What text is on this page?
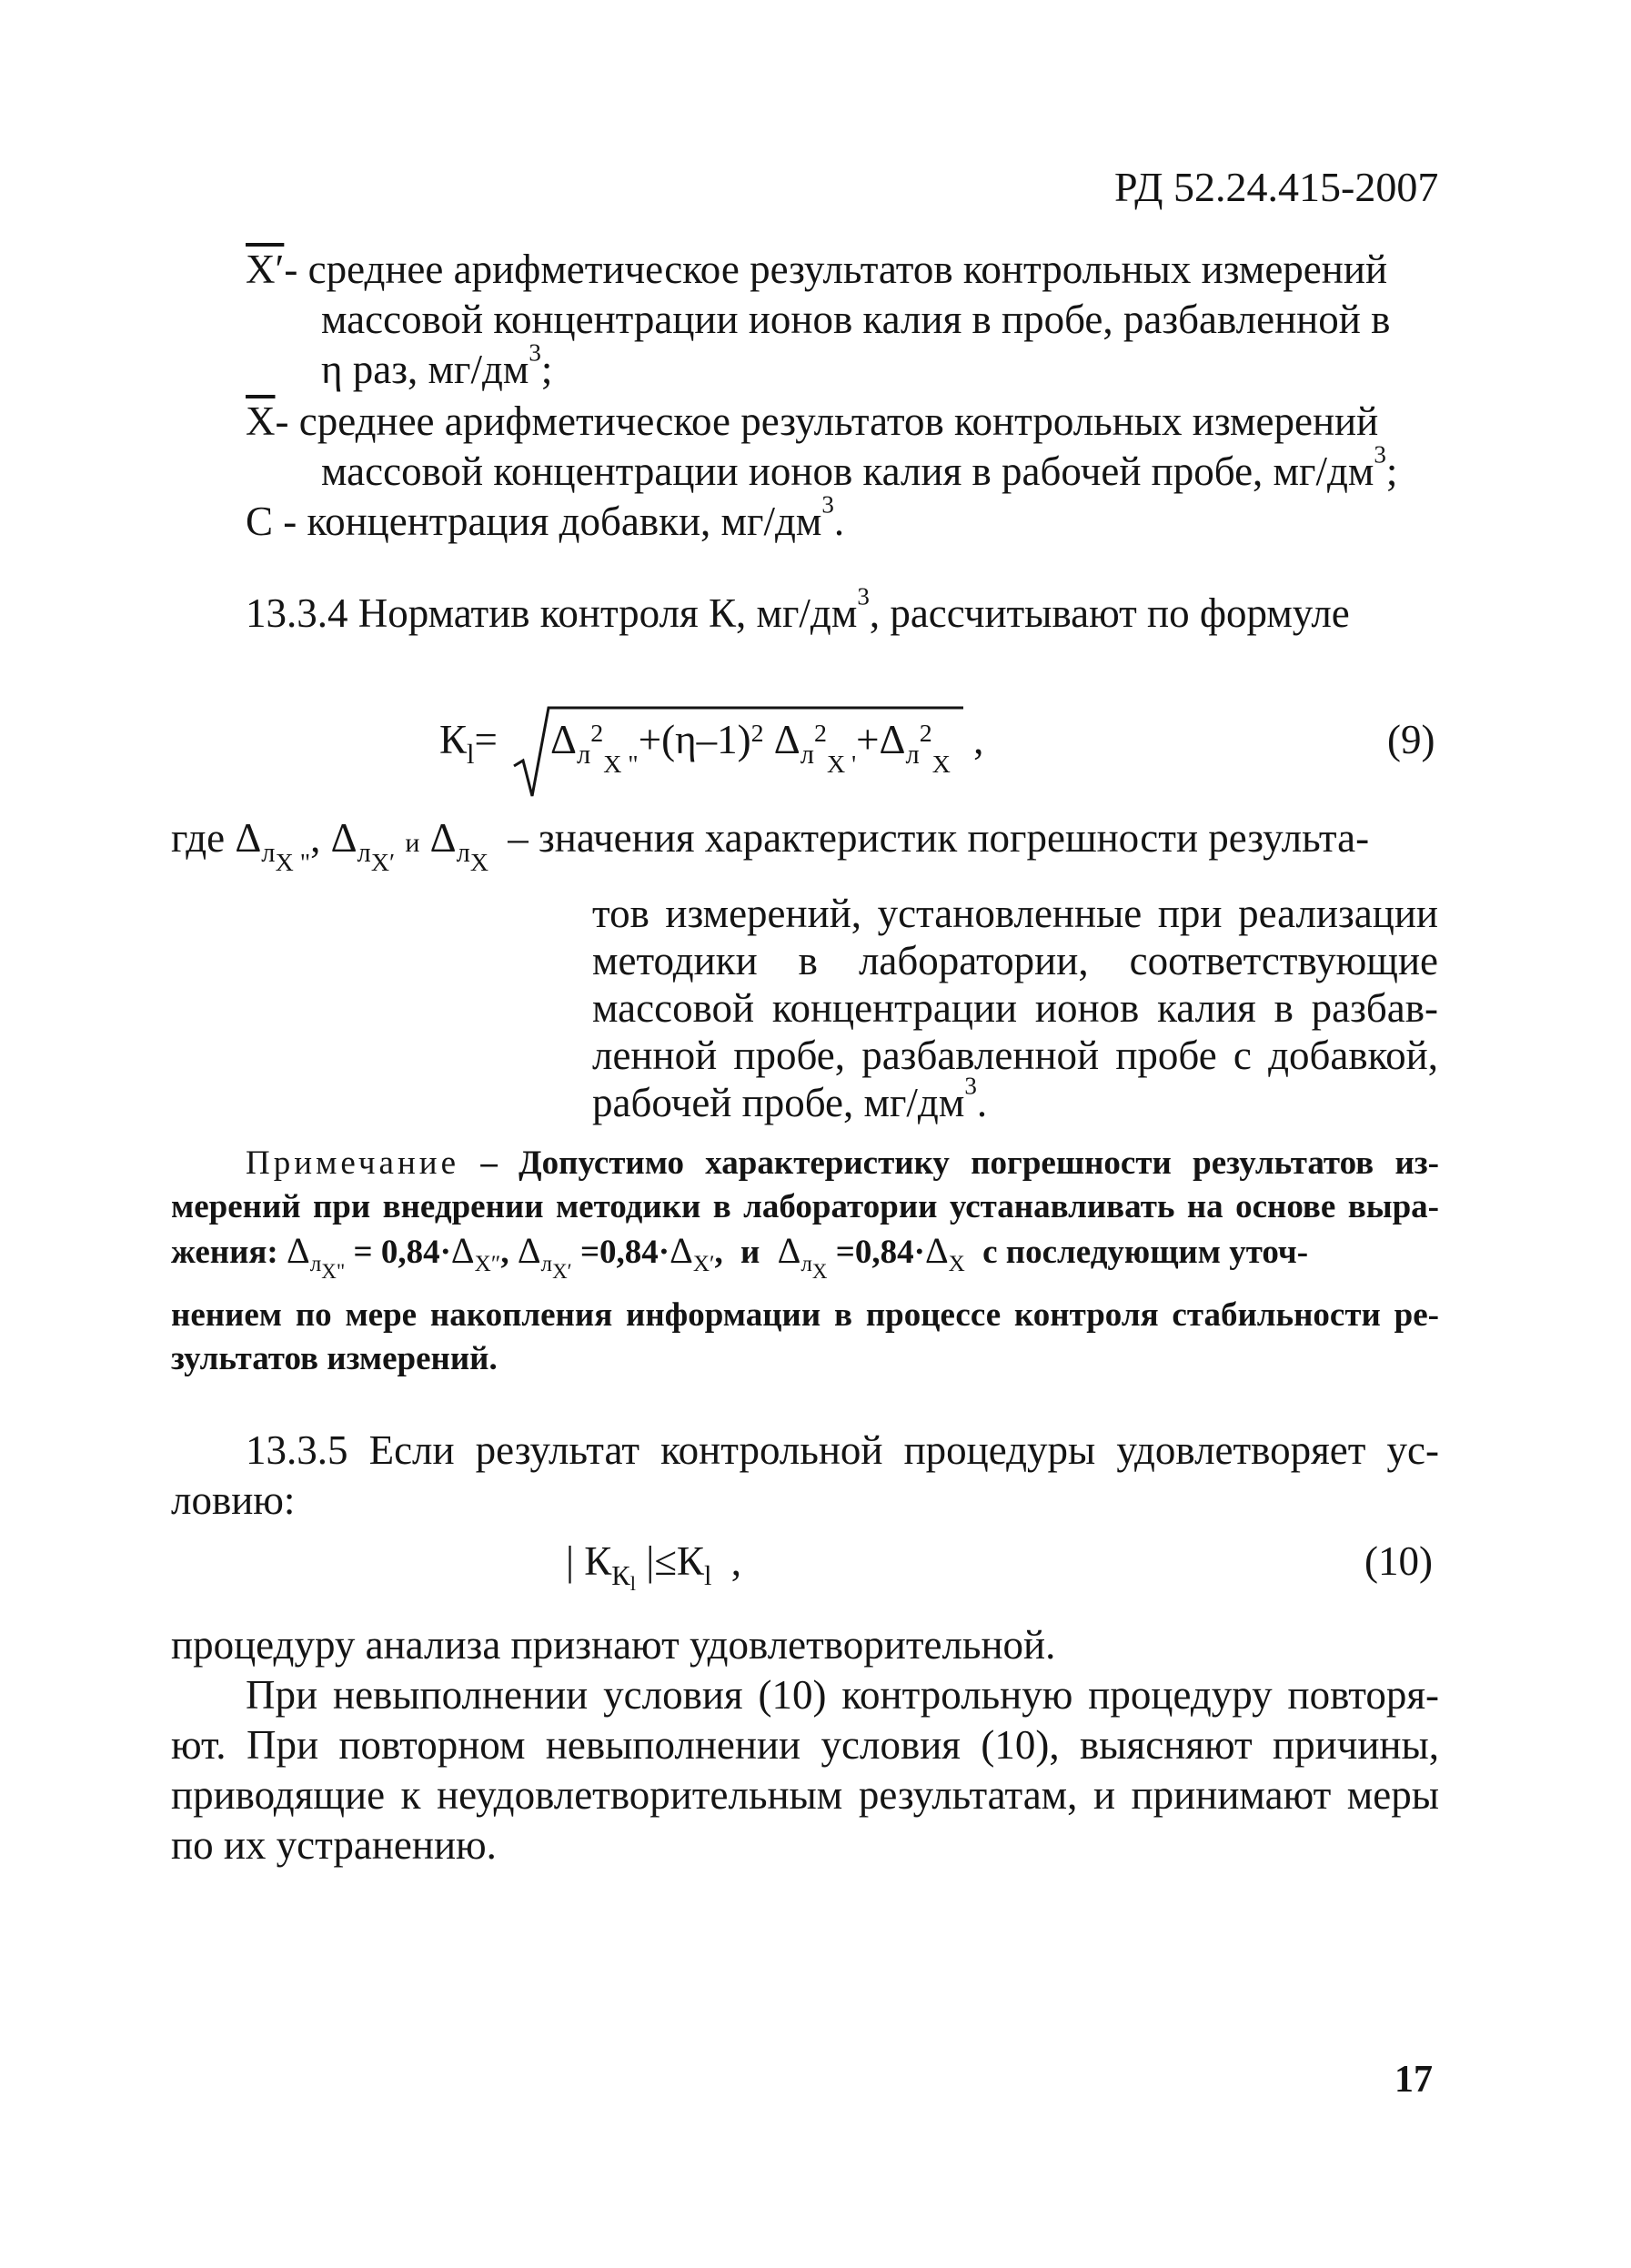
РД 52.24.415-2007
X′- среднее арифметическое результатов контрольных измерений
массовой концентрации ионов калия в пробе, разбавленной в
η раз, $мг/дм^3$;
$\overline{X}-$ среднее арифметическое результатов контрольных измерений
массовой концентрации ионов калия в рабочей пробе, $мг/дм^3$;
С - концентрация добавки, $мг/дм^3$.
13.3.4 Норматив контроля К, $мг/дм^3$, рассчитывают по формуле
$К_l= \Delta_л^2_{X "}+(\eta-1)^2$ $\Delta_л^2_{X '}+\Delta_л^2_X$ ,	(9)
где $\Delta_{лX "}$, $\Delta_{лX'}$ и $\Delta_{лX}$ – значения характеристик погрешности результа-
тов измерений, установленные при реализации
методики в лаборатории, соответствующие
массовой концентрации ионов калия в разбав-
ленной пробе, разбавленной пробе с добавкой,
рабочей пробе, $мг/дм^3$.
Примечание – Допустимо характеристику погрешности результатов из-
мерений при внедрении методики в лаборатории устанавливать на основе выра-
жения: $\Delta_{лX"} = 0,84\cdot\Delta_{X''}$, $\Delta_{лX'} =0,84\cdot\Delta_{X'}$, и $\Delta_{лX} =0,84\cdot\Delta_X$ с последующим уточ-
нением по мере накопления информации в процессе контроля стабильности ре-
зультатов измерений.
13.3.5 Если результат контрольной процедуры удовлетворяет ус-
ловию:
| $К_{Кl}$ $|\le К_l$ ,	(10)
процедуру анализа признают удовлетворительной.
При невыполнении условия (10) контрольную процедуру повторя-
ют. При повторном невыполнении условия (10), выясняют причины,
приводящие к неудовлетворительным результатам, и принимают меры
по их устранению.
17
